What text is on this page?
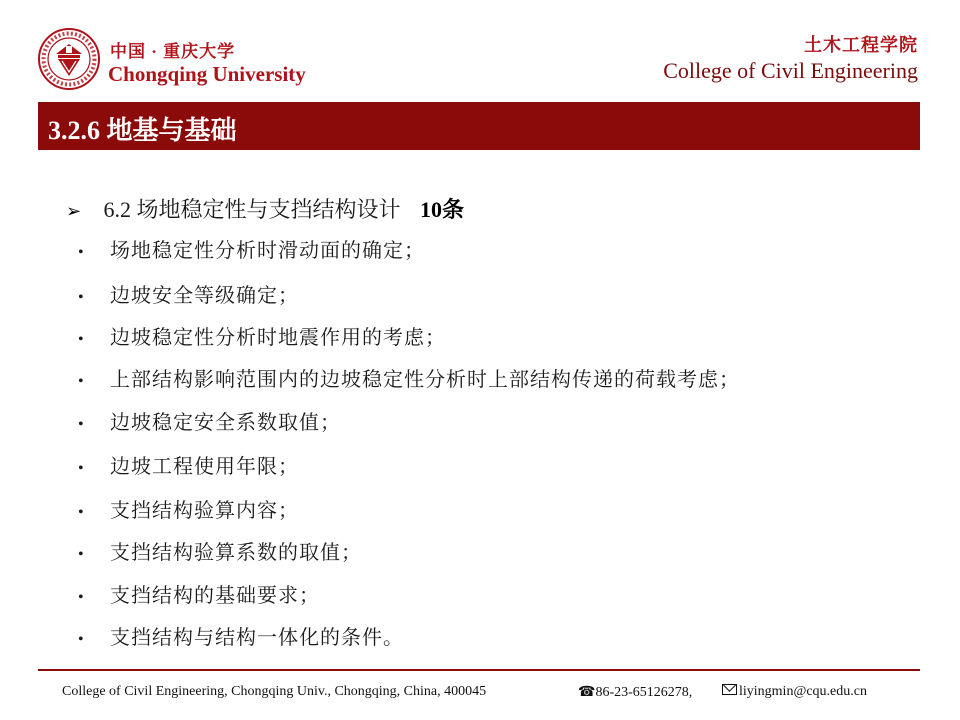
中国 · 重庆大学
Chongqing University
土木工程学院
College of Civil Engineering
3.2.6 地基与基础
➢ 6.2 场地稳定性与支挡结构设计 10条
• 场地稳定性分析时滑动面的确定；
• 边坡安全等级确定；
• 边坡稳定性分析时地震作用的考虑；
• 上部结构影响范围内的边坡稳定性分析时上部结构传递的荷载考虑；
• 边坡稳定安全系数取值；
• 边坡工程使用年限；
• 支挡结构验算内容；
• 支挡结构验算系数的取值；
• 支挡结构的基础要求；
• 支挡结构与结构一体化的条件。
College of Civil Engineering, Chongqing Univ., Chongqing, China, 400045	☎86-23-65126278,	liyingmin@cqu.edu.cn
